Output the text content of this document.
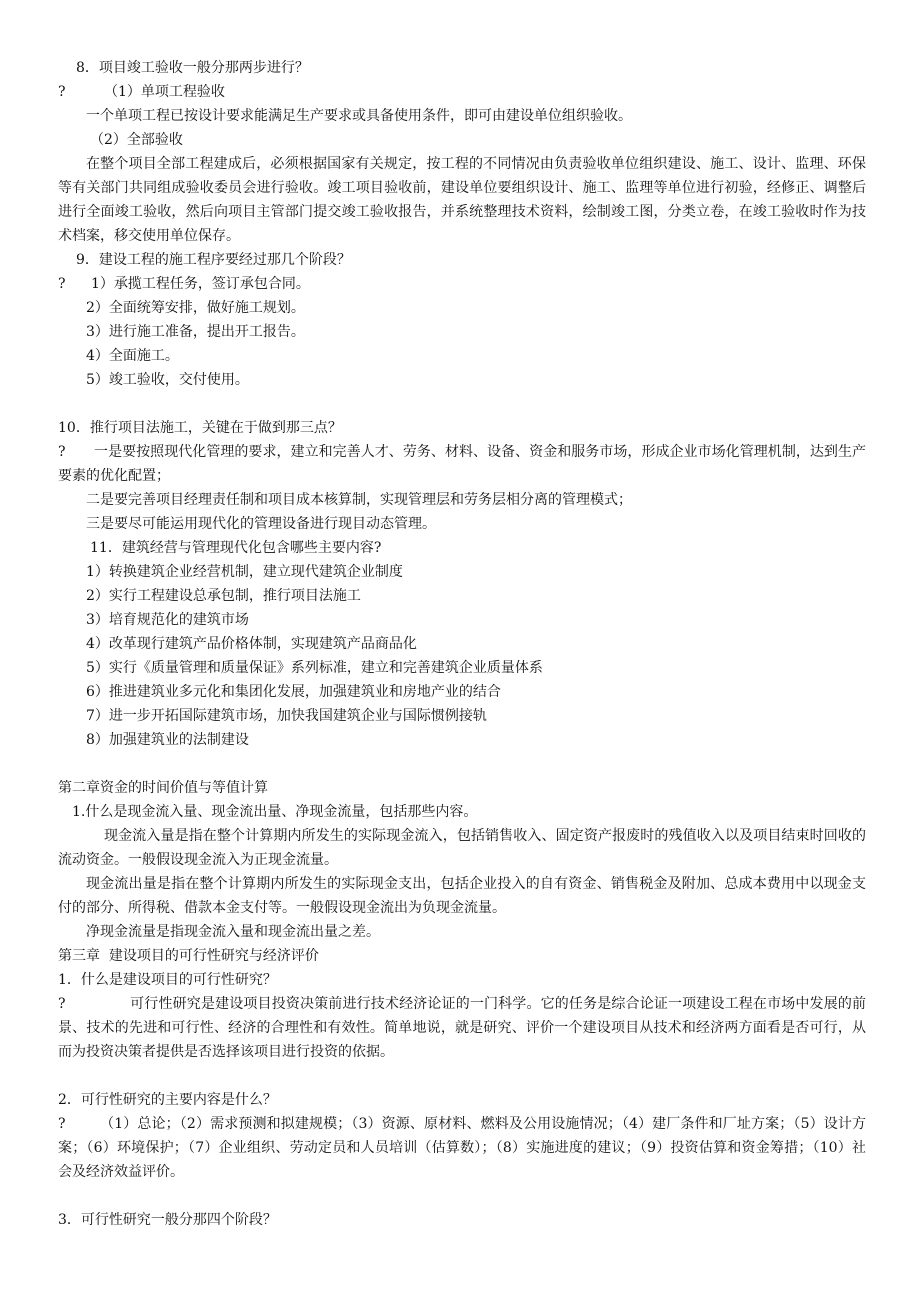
8．项目竣工验收一般分那两步进行？
?	（1）单项工程验收
一个单项工程已按设计要求能满足生产要求或具备使用条件，即可由建设单位组织验收。
（2）全部验收
在整个项目全部工程建成后，必须根据国家有关规定，按工程的不同情况由负责验收单位组织建设、施工、设计、监理、环保等有关部门共同组成验收委员会进行验收。竣工项目验收前，建设单位要组织设计、施工、监理等单位进行初验，经修正、调整后进行全面竣工验收，然后向项目主管部门提交竣工验收报告，并系统整理技术资料，绘制竣工图，分类立卷，在竣工验收时作为技术档案，移交使用单位保存。
9．建设工程的施工程序要经过那几个阶段？
? 1）承揽工程任务，签订承包合同。
2）全面统筹安排，做好施工规划。
3）进行施工准备，提出开工报告。
4）全面施工。
5）竣工验收，交付使用。
10．推行项目法施工，关键在于做到那三点？
? 一是要按照现代化管理的要求，建立和完善人才、劳务、材料、设备、资金和服务市场，形成企业市场化管理机制，达到生产要素的优化配置；
二是要完善项目经理责任制和项目成本核算制，实现管理层和劳务层相分离的管理模式；
三是要尽可能运用现代化的管理设备进行现目动态管理。
11．建筑经营与管理现代化包含哪些主要内容?
1）转换建筑企业经营机制，建立现代建筑企业制度
2）实行工程建设总承包制，推行项目法施工
3）培育规范化的建筑市场
4）改革现行建筑产品价格体制，实现建筑产品商品化
5）实行《质量管理和质量保证》系列标准，建立和完善建筑企业质量体系
6）推进建筑业多元化和集团化发展，加强建筑业和房地产业的结合
7）进一步开拓国际建筑市场，加快我国建筑企业与国际惯例接轨
8）加强建筑业的法制建设
第二章资金的时间价值与等值计算
1.什么是现金流入量、现金流出量、净现金流量，包括那些内容。
现金流入量是指在整个计算期内所发生的实际现金流入，包括销售收入、固定资产报废时的残值收入以及项目结束时回收的流动资金。一般假设现金流入为正现金流量。
现金流出量是指在整个计算期内所发生的实际现金支出，包括企业投入的自有资金、销售税金及附加、总成本费用中以现金支付的部分、所得税、借款本金支付等。一般假设现金流出为负现金流量。
净现金流量是指现金流入量和现金流出量之差。
第三章  建设项目的可行性研究与经济评价
1．什么是建设项目的可行性研究？
?	可行性研究是建设项目投资决策前进行技术经济论证的一门科学。它的任务是综合论证一项建设工程在市场中发展的前景、技术的先进和可行性、经济的合理性和有效性。简单地说，就是研究、评价一个建设项目从技术和经济两方面看是否可行，从而为投资决策者提供是否选择该项目进行投资的依据。
2．可行性研究的主要内容是什么？
? （1）总论；（2）需求预测和拟建规模；（3）资源、原材料、燃料及公用设施情况；（4）建厂条件和厂址方案；（5）设计方案；（6）环境保护；（7）企业组织、劳动定员和人员培训（估算数）；（8）实施进度的建议；（9）投资估算和资金筹措；（10）社会及经济效益评价。
3．可行性研究一般分那四个阶段？
